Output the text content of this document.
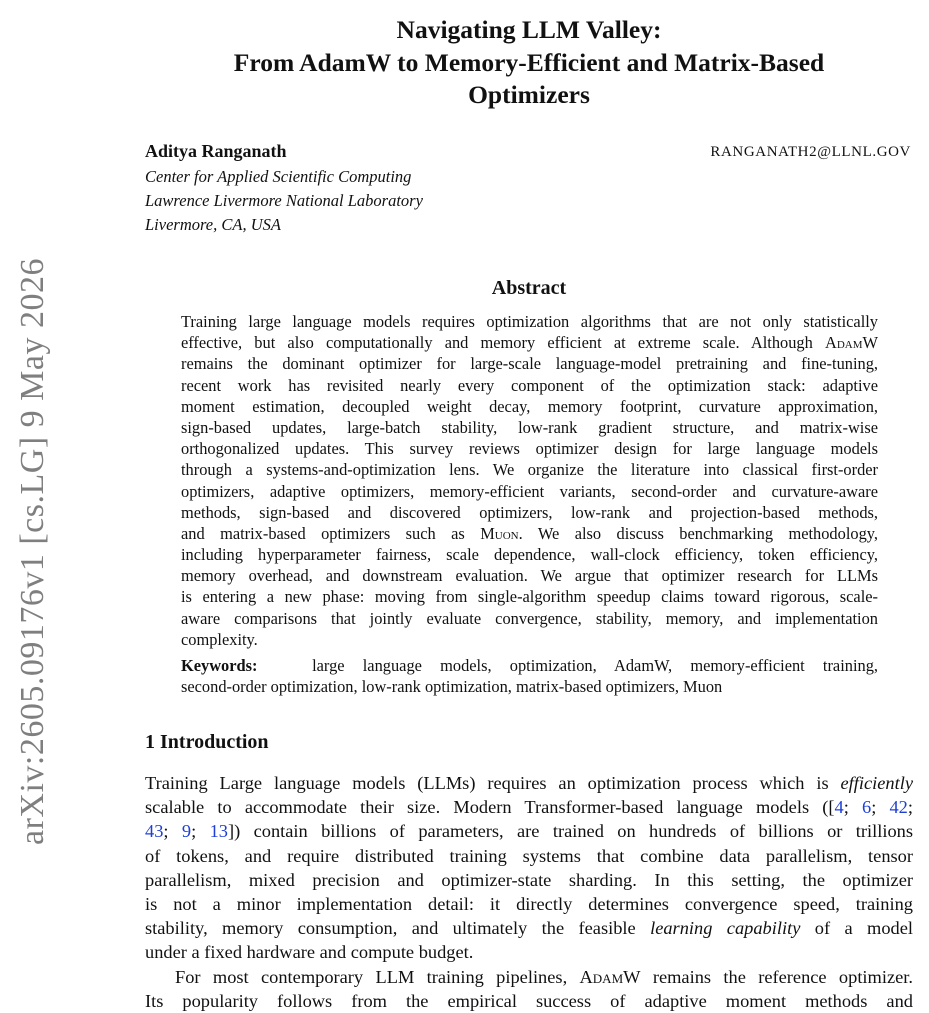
arXiv:2605.09176v1 [cs.LG] 9 May 2026
Navigating LLM Valley:
From AdamW to Memory-Efficient and Matrix-Based
Optimizers
Aditya Ranganath	RANGANATH2@LLNL.GOV
Center for Applied Scientific Computing
Lawrence Livermore National Laboratory
Livermore, CA, USA
Abstract
Training large language models requires optimization algorithms that are not only statistically
effective, but also computationally and memory efficient at extreme scale. Although AdamW
remains the dominant optimizer for large-scale language-model pretraining and fine-tuning,
recent work has revisited nearly every component of the optimization stack: adaptive
moment estimation, decoupled weight decay, memory footprint, curvature approximation,
sign-based updates, large-batch stability, low-rank gradient structure, and matrix-wise
orthogonalized updates. This survey reviews optimizer design for large language models
through a systems-and-optimization lens. We organize the literature into classical first-order
optimizers, adaptive optimizers, memory-efficient variants, second-order and curvature-aware
methods, sign-based and discovered optimizers, low-rank and projection-based methods,
and matrix-based optimizers such as Muon. We also discuss benchmarking methodology,
including hyperparameter fairness, scale dependence, wall-clock efficiency, token efficiency,
memory overhead, and downstream evaluation. We argue that optimizer research for LLMs
is entering a new phase: moving from single-algorithm speedup claims toward rigorous, scale-
aware comparisons that jointly evaluate convergence, stability, memory, and implementation
complexity.
Keywords:	large language models, optimization, AdamW, memory-efficient training,
second-order optimization, low-rank optimization, matrix-based optimizers, Muon
1 Introduction
Training Large language models (LLMs) requires an optimization process which is efficiently
scalable to accommodate their size. Modern Transformer-based language models ([4; 6; 42;
43; 9; 13]) contain billions of parameters, are trained on hundreds of billions or trillions
of tokens, and require distributed training systems that combine data parallelism, tensor
parallelism, mixed precision and optimizer-state sharding. In this setting, the optimizer
is not a minor implementation detail: it directly determines convergence speed, training
stability, memory consumption, and ultimately the feasible learning capability of a model
under a fixed hardware and compute budget.
For most contemporary LLM training pipelines, AdamW remains the reference optimizer.
Its popularity follows from the empirical success of adaptive moment methods and
